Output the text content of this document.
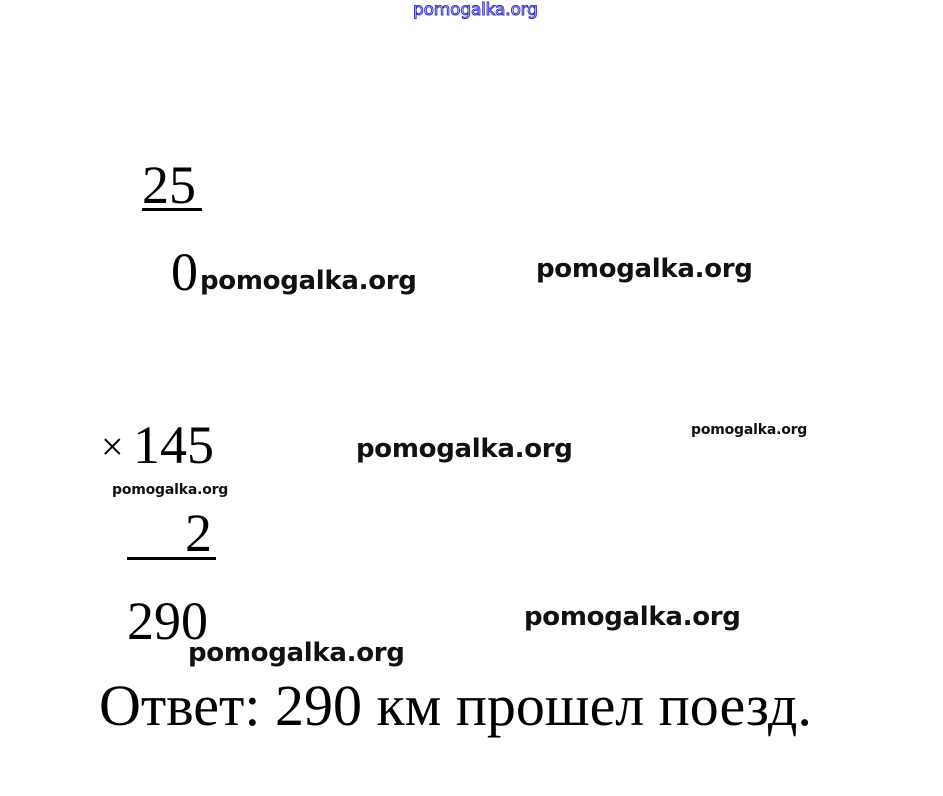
pomogalka.org
25
0 pomogalka.org	pomogalka.org
× 145	pomogalka.org
pomogalka.org
pomogalka.org
2
290	pomogalka.org
pomogalka.org
Ответ: 290 км прошел поезд.
